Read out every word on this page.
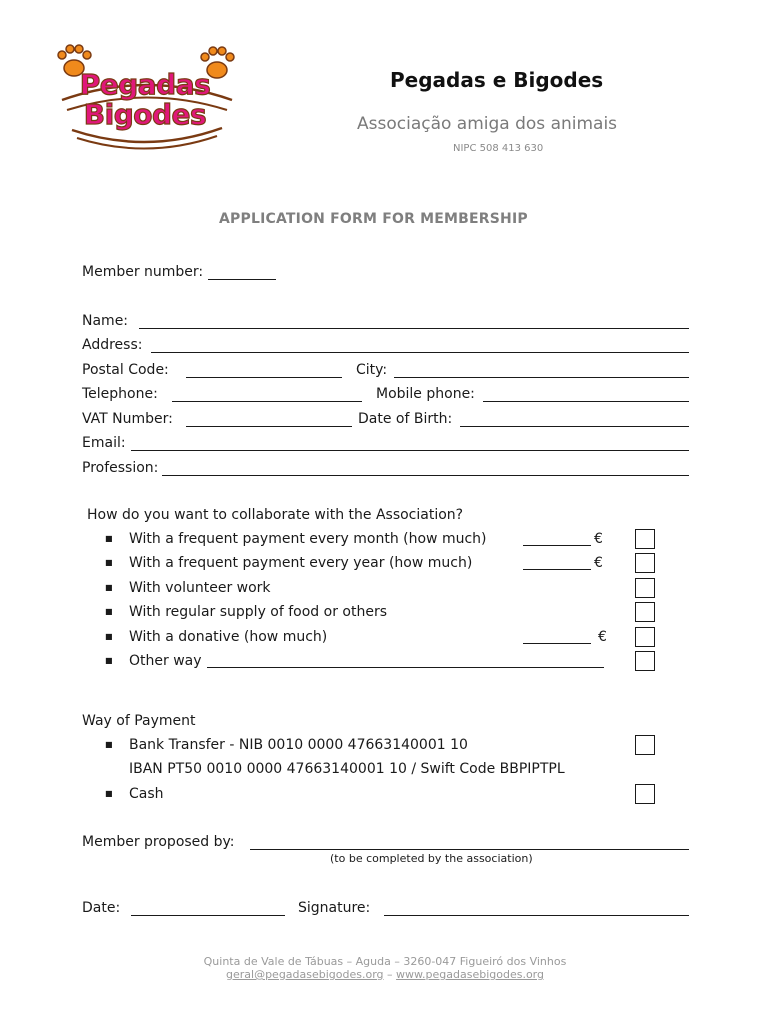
Pegadas Bigodes
Pegadas e Bigodes
Associação amiga dos animais
NIPC 508 413 630
APPLICATION FORM FOR MEMBERSHIP
Member number:
Name:
Address:
Postal Code:	City:
Telephone:	Mobile phone:
VAT Number:	Date of Birth:
Email:
Profession:
How do you want to collaborate with the Association?
■ With a frequent payment every month (how much)	€
■ With a frequent payment every year (how much)	€
■ With volunteer work
■ With regular supply of food or others
■ With a donative (how much)	€
■ Other way
Way of Payment
■ Bank Transfer - NIB 0010 0000 47663140001 10
IBAN PT50 0010 0000 47663140001 10 / Swift Code BBPIPTPL
■ Cash
Member proposed by:
(to be completed by the association)
Date:	Signature:
Quinta de Vale de Tábuas – Aguda – 3260-047 Figueiró dos Vinhos
geral@pegadasebigodes.org – www.pegadasebigodes.org
